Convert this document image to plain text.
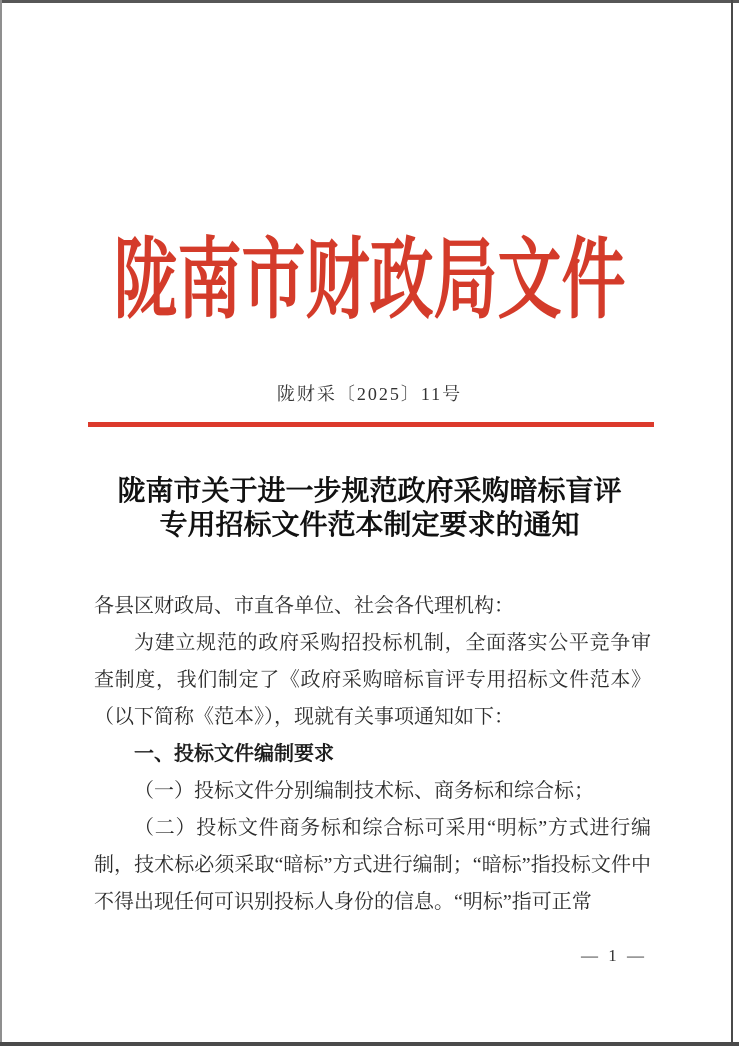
陇南市财政局文件
陇财采〔2025〕11号
陇南市关于进一步规范政府采购暗标盲评
专用招标文件范本制定要求的通知

各县区财政局、市直各单位、社会各代理机构：

为建立规范的政府采购招投标机制，全面落实公平竞争审查制度，我们制定了《政府采购暗标盲评专用招标文件范本》（以下简称《范本》），现就有关事项通知如下：

一、投标文件编制要求

（一）投标文件分别编制技术标、商务标和综合标；

（二）投标文件商务标和综合标可采用“明标”方式进行编制，技术标必须采取“暗标”方式进行编制；“暗标”指投标文件中不得出现任何可识别投标人身份的信息。“明标”指可正常

— 1 —
